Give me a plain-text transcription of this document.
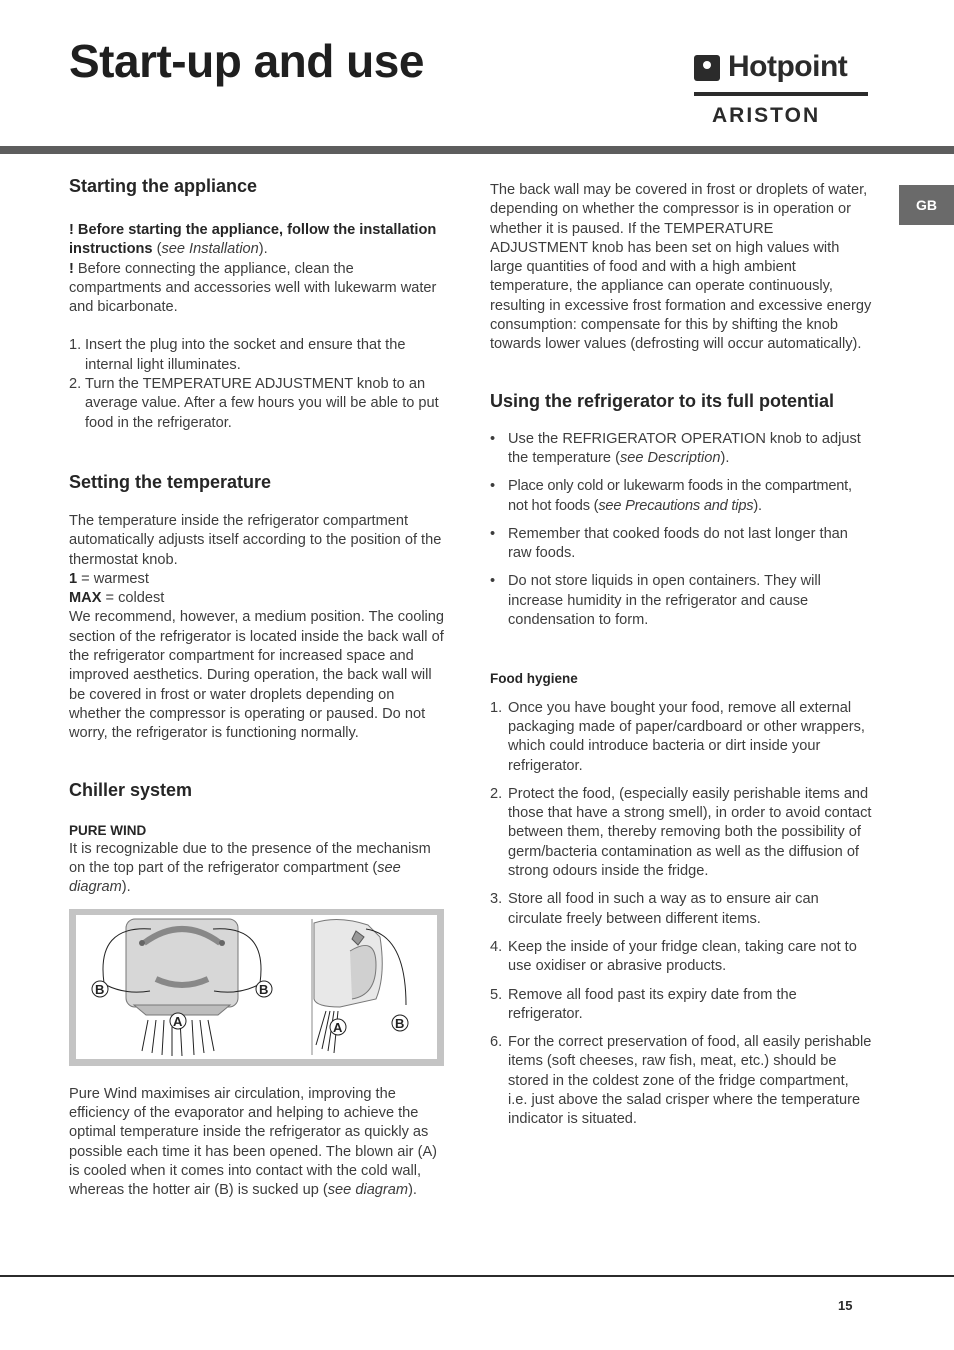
Start-up and use	Hotpoint
ARISTON
GB
Starting the appliance

! Before starting the appliance, follow the installation instructions (see Installation).

! Before connecting the appliance, clean the compartments and accessories well with lukewarm water and bicarbonate.

1. Insert the plug into the socket and ensure that the internal light illuminates.
2. Turn the TEMPERATURE ADJUSTMENT knob to an average value. After a few hours you will be able to put food in the refrigerator.
Setting the temperature

The temperature inside the refrigerator compartment automatically adjusts itself according to the position of the thermostat knob.

1 = warmest

MAX = coldest

We recommend, however, a medium position. The cooling section of the refrigerator is located inside the back wall of the refrigerator compartment for increased space and improved aesthetics. During operation, the back wall will be covered in frost or water droplets depending on whether the compressor is operating or paused. Do not worry, the refrigerator is functioning normally.

Chiller system
PURE WIND

It is recognizable due to the presence of the mechanism on the top part of the refrigerator compartment (see diagram).

B	B
A	A	B

Pure Wind maximises air circulation, improving the efficiency of the evaporator and helping to achieve the optimal temperature inside the refrigerator as quickly as possible each time it has been opened. The blown air (A) is cooled when it comes into contact with the cold wall, whereas the hotter air (B) is sucked up (see diagram).

The back wall may be covered in frost or droplets of water, depending on whether the compressor is in operation or whether it is paused. If the TEMPERATURE ADJUSTMENT knob has been set on high values with large quantities of food and with a high ambient temperature, the appliance can operate continuously, resulting in excessive frost formation and excessive energy consumption: compensate for this by shifting the knob towards lower values (defrosting will occur automatically).

Using the refrigerator to its full potential
• Use the REFRIGERATOR OPERATION knob to adjust the temperature (see Description).
• Place only cold or lukewarm foods in the compartment, not hot foods (see Precautions and tips).
• Remember that cooked foods do not last longer than raw foods.
• Do not store liquids in open containers. They will increase humidity in the refrigerator and cause condensation to form.
Food hygiene
1. Once you have bought your food, remove all external packaging made of paper/cardboard or other wrappers, which could introduce bacteria or dirt inside your refrigerator.
2. Protect the food, (especially easily perishable items and those that have a strong smell), in order to avoid contact between them, thereby removing both the possibility of germ/bacteria contamination as well as the diffusion of strong odours inside the fridge.
3. Store all food in such a way as to ensure air can circulate freely between different items.
4. Keep the inside of your fridge clean, taking care not to use oxidiser or abrasive products.
5. Remove all food past its expiry date from the refrigerator.
6. For the correct preservation of food, all easily perishable items (soft cheeses, raw fish, meat, etc.) should be stored in the coldest zone of the fridge compartment, i.e. just above the salad crisper where the temperature indicator is situated.
15
